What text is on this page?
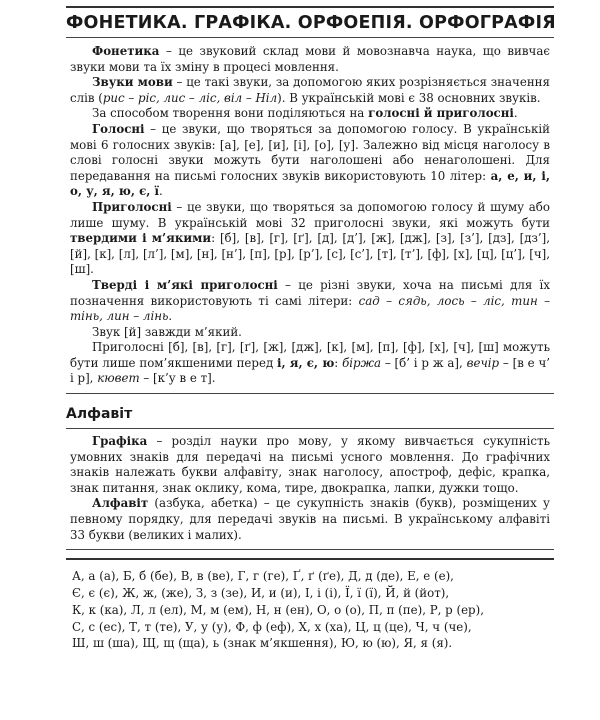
ФОНЕТИКА. ГРАФІКА. ОРФОЕПІЯ. ОРФОГРАФІЯ

Фонетика – це звуковий склад мови й мовознавча наука, що вивчає звуки мови та їх зміну в процесі мовлення.

Звуки мови – це такі звуки, за допомогою яких розрізняється значення слів (рис – ріс, лис – ліс, віл – Ніл). В українській мові є 38 основних звуків.

За способом творення вони поділяються на голосні й приголосні.

Голосні – це звуки, що творяться за допомогою голосу. В українській мові 6 голосних звуків: [а], [е], [и], [і], [о], [у]. Залежно від місця наголосу в слові голосні звуки можуть бути наголошені або ненаголошені. Для передавання на письмі голосних звуків використовують 10 літер: а, е, и, і, о, у, я, ю, є, ї.

Приголосні – це звуки, що творяться за допомогою голосу й шуму або лише шуму. В українській мові 32 приголосні звуки, які можуть бути твердими і м’якими: [б], [в], [г], [ґ], [д], [д’], [ж], [дж], [з], [з’], [дз], [дз’], [й], [к], [л], [л’], [м], [н], [н’], [п], [р], [р’], [с], [с’], [т], [т’], [ф], [х], [ц], [ц’], [ч], [ш].

Тверді і м’які приголосні – це різні звуки, хоча на письмі для їх позначення використовують ті самі літери: сад – сядь, лось – ліс, тин – тінь, лин – лінь.

Звук [й] завжди м’який.

Приголосні [б], [в], [г], [ґ], [ж], [дж], [к], [м], [п], [ф], [х], [ч], [ш] можуть бути лише пом’якшеними перед і, я, є, ю: біржа – [б’ і р ж а], вечір – [в е ч’ і р], кювет – [к’у в е т].

Алфавіт

Графіка – розділ науки про мову, у якому вивчається сукупність умовних знаків для передачі на письмі усного мовлення. До графічних знаків належать букви алфавіту, знак наголосу, апостроф, дефіс, крапка, знак питання, знак оклику, кома, тире, двокрапка, лапки, дужки тощо.

Алфавіт (азбука, абетка) – це сукупність знаків (букв), розміщених у певному порядку, для передачі звуків на письмі. В українському алфавіті 33 букви (великих і малих).

А, а (а), Б, б (бе), В, в (ве), Г, г (ге), Ґ, ґ (ґе), Д, д (де), Е, е (е),

Є, є (є), Ж, ж, (же), З, з (зе), И, и (и), І, і (і), Ї, ї (ї), Й, й (йот),

К, к (ка), Л, л (ел), М, м (ем), Н, н (ен), О, о (о), П, п (пе), Р, р (ер),

С, с (ес), Т, т (те), У, у (у), Ф, ф (еф), Х, х (ха), Ц, ц (це), Ч, ч (че),

Ш, ш (ша), Щ, щ (ща), ь (знак м’якшення), Ю, ю (ю), Я, я (я).
